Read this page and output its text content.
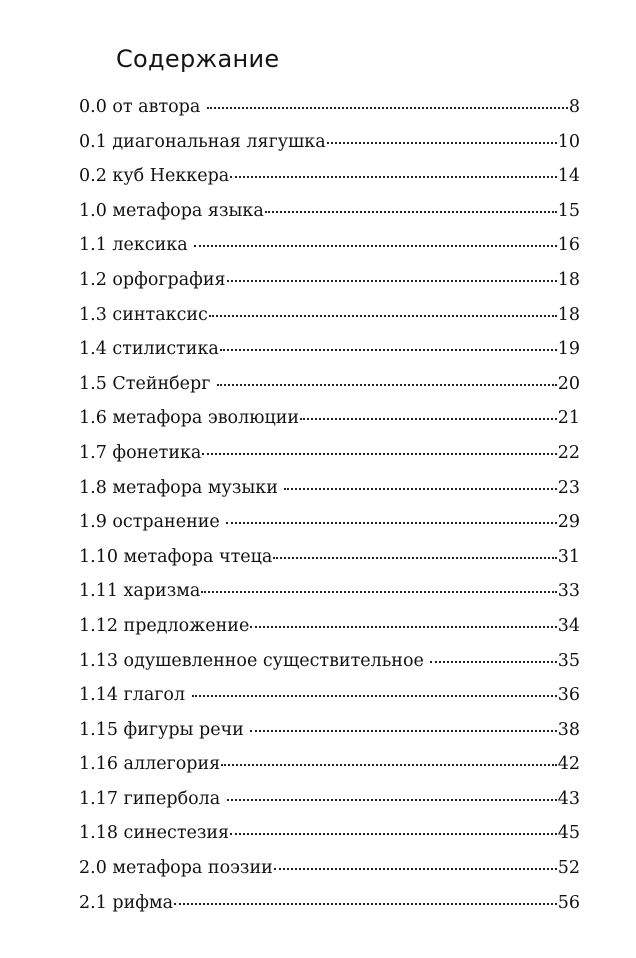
Содержание
0.0 от автора	8
0.1 диагональная лягушка	10
0.2 куб Неккера	14
1.0 метафора языка	15
1.1 лексика	16
1.2 орфография	18
1.3 синтаксис	18
1.4 стилистика	19
1.5 Стейнберг	20
1.6 метафора эволюции	21
1.7 фонетика	22
1.8 метафора музыки	23
1.9 остранение	29
1.10 метафора чтеца	31
1.11 харизма	33
1.12 предложение	34
1.13 одушевленное существительное	35
1.14 глагол	36
1.15 фигуры речи	38
1.16 аллегория	42
1.17 гипербола	43
1.18 синестезия	45
2.0 метафора поэзии	52
2.1 рифма	56
